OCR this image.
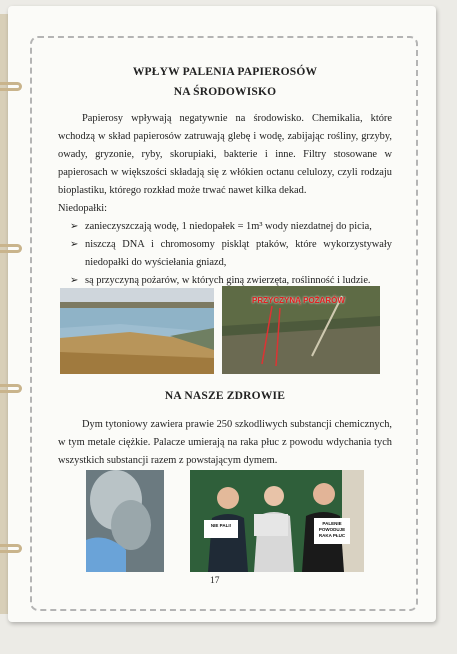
WPŁYW PALENIA PAPIEROSÓW
NA ŚRODOWISKO

Papierosy wpływają negatywnie na środowisko. Chemikalia, które wchodzą w skład papierosów zatruwają glebę i wodę, zabijając rośliny, grzyby, owady, gryzonie, ryby, skorupiaki, bakterie i inne. Filtry stosowane w papierosach w większości składają się z włókien octanu celulozy, czyli rodzaju bioplastiku, którego rozkład może trwać nawet kilka dekad.

Niedopałki:

➢ zanieczyszczają wodę, 1 niedopałek = 1m³ wody niezdatnej do picia,
➢ niszczą DNA i chromosomy piskląt ptaków, które wykorzystywały niedopałki do wyściełania gniazd,
➢ są przyczyną pożarów, w których giną zwierzęta, roślinność i ludzie.
PRZYCZYNĄ POŻARÓW
NA NASZE ZDROWIE

Dym tytoniowy zawiera prawie 250 szkodliwych substancji chemicznych, w tym metale ciężkie. Palacze umierają na raka płuc z powodu wdychania tych wszystkich substancji razem z powstającym dymem.

NIE PALI!	PALENIE POWODUJE RAKA PŁUC
17
